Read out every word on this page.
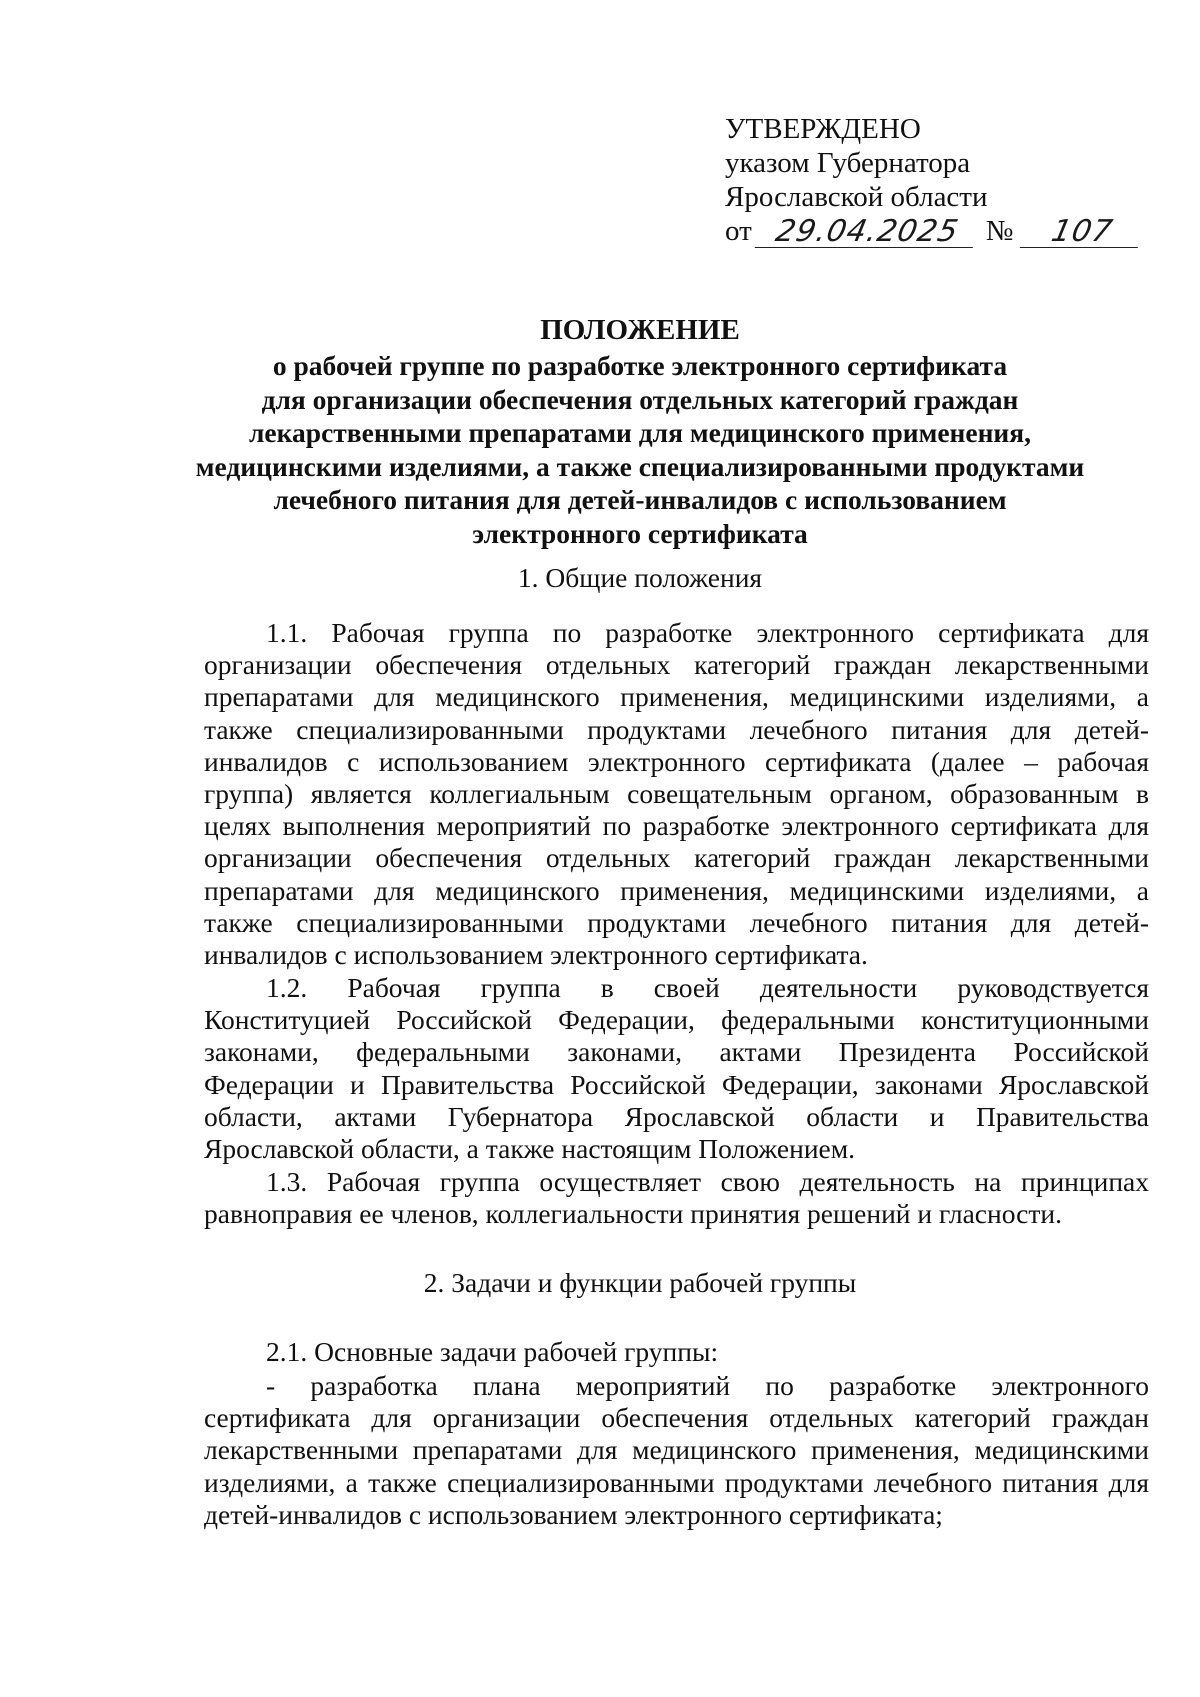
УТВЕРЖДЕНО
указом Губернатора
Ярославской области
от 29.04.2025 №	107
ПОЛОЖЕНИЕ
о рабочей группе по разработке электронного сертификата
для организации обеспечения отдельных категорий граждан
лекарственными препаратами для медицинского применения,
медицинскими изделиями, а также специализированными продуктами
лечебного питания для детей-инвалидов с использованием
электронного сертификата
1. Общие положения
1.1. Рабочая группа по разработке электронного сертификата для
организации обеспечения отдельных категорий граждан лекарственными
препаратами для медицинского применения, медицинскими изделиями, а
также специализированными продуктами лечебного питания для детей-
инвалидов с использованием электронного сертификата (далее – рабочая
группа) является коллегиальным совещательным органом, образованным в
целях выполнения мероприятий по разработке электронного сертификата для
организации обеспечения отдельных категорий граждан лекарственными
препаратами для медицинского применения, медицинскими изделиями, а
также специализированными продуктами лечебного питания для детей-
инвалидов с использованием электронного сертификата.
1.2. Рабочая группа в своей деятельности руководствуется
Конституцией Российской Федерации, федеральными конституционными
законами, федеральными законами, актами Президента Российской
Федерации и Правительства Российской Федерации, законами Ярославской
области, актами Губернатора Ярославской области и Правительства
Ярославской области, а также настоящим Положением.
1.3. Рабочая группа осуществляет свою деятельность на принципах
равноправия ее членов, коллегиальности принятия решений и гласности.
2. Задачи и функции рабочей группы
2.1. Основные задачи рабочей группы:
- разработка плана мероприятий по разработке электронного
сертификата для организации обеспечения отдельных категорий граждан
лекарственными препаратами для медицинского применения, медицинскими
изделиями, а также специализированными продуктами лечебного питания для
детей-инвалидов с использованием электронного сертификата;
